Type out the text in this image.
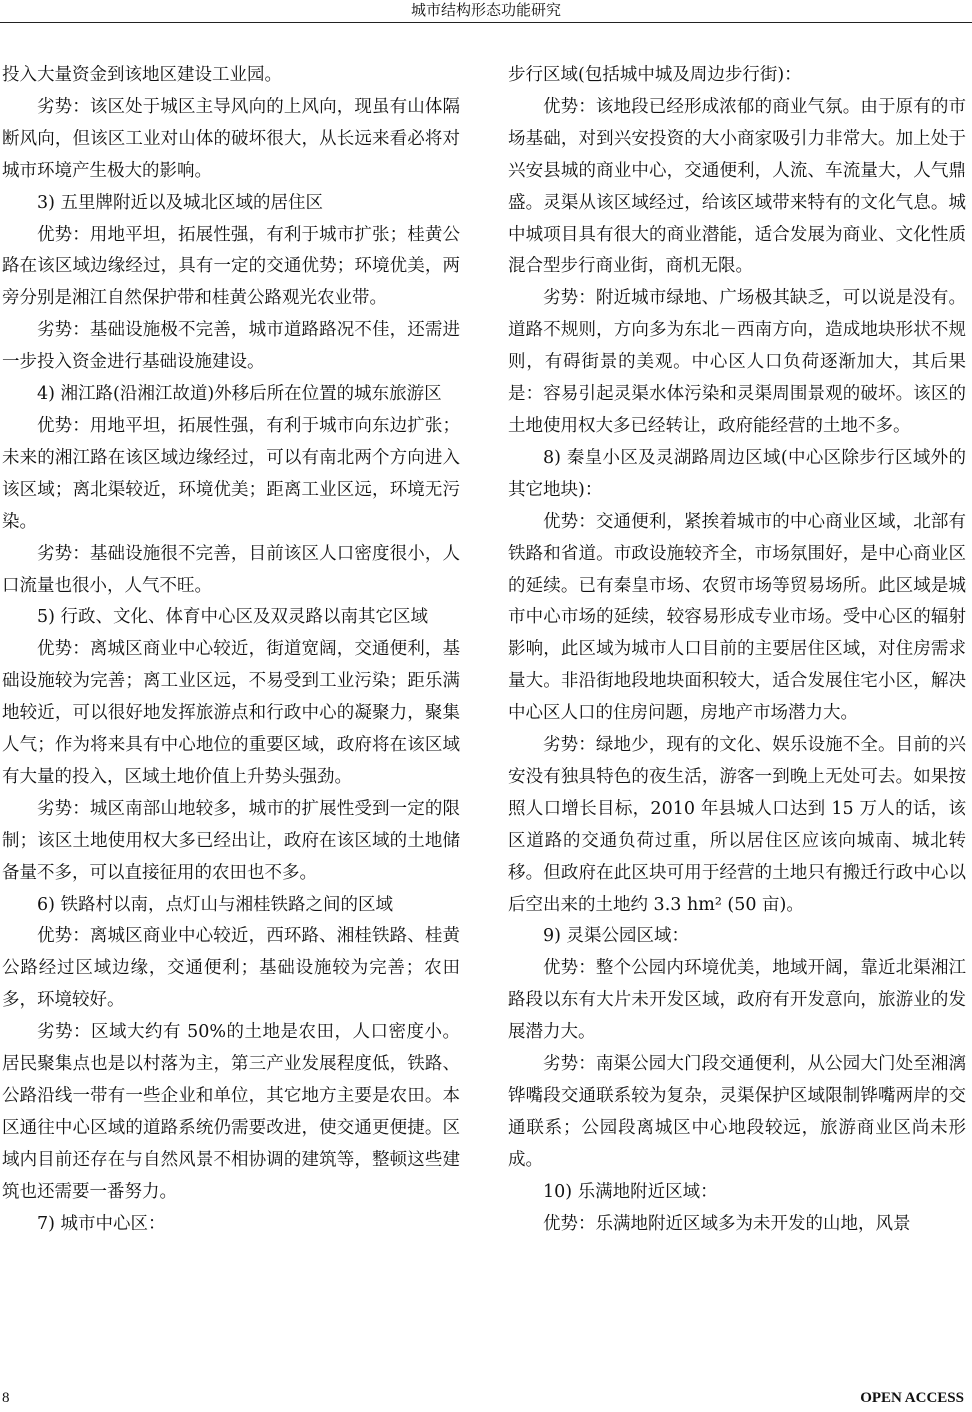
城市结构形态功能研究

投入大量资金到该地区建设工业园。

劣势：该区处于城区主导风向的上风向，现虽有山体隔断风向，但该区工业对山体的破坏很大，从长远来看必将对城市环境产生极大的影响。

3) 五里牌附近以及城北区域的居住区

优势：用地平坦，拓展性强，有利于城市扩张；桂黄公路在该区域边缘经过，具有一定的交通优势；环境优美，两旁分别是湘江自然保护带和桂黄公路观光农业带。

劣势：基础设施极不完善，城市道路路况不佳，还需进一步投入资金进行基础设施建设。

4) 湘江路(沿湘江故道)外移后所在位置的城东旅游区

优势：用地平坦，拓展性强，有利于城市向东边扩张；未来的湘江路在该区域边缘经过，可以有南北两个方向进入该区域；离北渠较近，环境优美；距离工业区远，环境无污染。

劣势：基础设施很不完善，目前该区人口密度很小，人口流量也很小，人气不旺。

5) 行政、文化、体育中心区及双灵路以南其它区域

优势：离城区商业中心较近，街道宽阔，交通便利，基础设施较为完善；离工业区远，不易受到工业污染；距乐满地较近，可以很好地发挥旅游点和行政中心的凝聚力，聚集人气；作为将来具有中心地位的重要区域，政府将在该区域有大量的投入，区域土地价值上升势头强劲。

劣势：城区南部山地较多，城市的扩展性受到一定的限制；该区土地使用权大多已经出让，政府在该区域的土地储备量不多，可以直接征用的农田也不多。

6) 铁路村以南，点灯山与湘桂铁路之间的区域

优势：离城区商业中心较近，西环路、湘桂铁路、桂黄公路经过区域边缘，交通便利；基础设施较为完善；农田多，环境较好。

劣势：区域大约有 50%的土地是农田，人口密度小。居民聚集点也是以村落为主，第三产业发展程度低，铁路、公路沿线一带有一些企业和单位，其它地方主要是农田。本区通往中心区域的道路系统仍需要改进，使交通更便捷。区域内目前还存在与自然风景不相协调的建筑等，整顿这些建筑也还需要一番努力。

7) 城市中心区：

步行区域(包括城中城及周边步行街)：

优势：该地段已经形成浓郁的商业气氛。由于原有的市场基础，对到兴安投资的大小商家吸引力非常大。加上处于兴安县城的商业中心，交通便利，人流、车流量大，人气鼎盛。灵渠从该区域经过，给该区域带来特有的文化气息。城中城项目具有很大的商业潜能，适合发展为商业、文化性质混合型步行商业街，商机无限。

劣势：附近城市绿地、广场极其缺乏，可以说是没有。道路不规则，方向多为东北－西南方向，造成地块形状不规则，有碍街景的美观。中心区人口负荷逐渐加大，其后果是：容易引起灵渠水体污染和灵渠周围景观的破坏。该区的土地使用权大多已经转让，政府能经营的土地不多。

8) 秦皇小区及灵湖路周边区域(中心区除步行区域外的其它地块)：

优势：交通便利，紧挨着城市的中心商业区域，北部有铁路和省道。市政设施较齐全，市场氛围好，是中心商业区的延续。已有秦皇市场、农贸市场等贸易场所。此区域是城市中心市场的延续，较容易形成专业市场。受中心区的辐射影响，此区域为城市人口目前的主要居住区域，对住房需求量大。非沿街地段地块面积较大，适合发展住宅小区，解决中心区人口的住房问题，房地产市场潜力大。

劣势：绿地少，现有的文化、娱乐设施不全。目前的兴安没有独具特色的夜生活，游客一到晚上无处可去。如果按照人口增长目标，2010 年县城人口达到 15 万人的话，该区道路的交通负荷过重，所以居住区应该向城南、城北转移。但政府在此区块可用于经营的土地只有搬迁行政中心以后空出来的土地约 3.3 hm² (50 亩)。

9) 灵渠公园区域：

优势：整个公园内环境优美，地域开阔，靠近北渠湘江路段以东有大片未开发区域，政府有开发意向，旅游业的发展潜力大。

劣势：南渠公园大门段交通便利，从公园大门处至湘漓铧嘴段交通联系较为复杂，灵渠保护区域限制铧嘴两岸的交通联系；公园段离城区中心地段较远，旅游商业区尚未形成。

10) 乐满地附近区域：

优势：乐满地附近区域多为未开发的山地，风景

8	OPEN ACCESS
